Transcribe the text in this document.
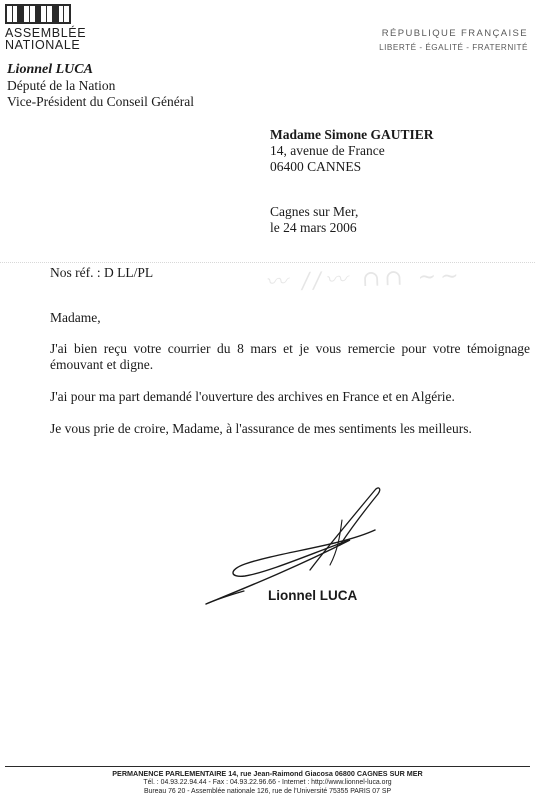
ASSEMBLÉE
NATIONALE
RÉPUBLIQUE FRANÇAISE
LIBERTÉ - ÉGALITÉ - FRATERNITÉ
Lionnel LUCA
Député de la Nation
Vice-Président du Conseil Général
Madame Simone GAUTIER
14, avenue de France
06400 CANNES
Cagnes sur Mer,
le 24 mars 2006
〰 ∕∕〰 ∩∩ ∼∼
Nos réf. : D LL/PL

Madame,

J'ai bien reçu votre courrier du 8 mars et je vous remercie pour votre témoignage émouvant et digne.

J'ai pour ma part demandé l'ouverture des archives en France et en Algérie.

Je vous prie de croire, Madame, à l'assurance de mes sentiments les meilleurs.

Lionnel LUCA
PERMANENCE PARLEMENTAIRE 14, rue Jean-Raimond Giacosa 06800 CAGNES SUR MER
Tél. : 04.93.22.94.44 - Fax : 04.93.22.96.66 - Internet : http://www.lionnel-luca.org
Bureau 76 20 - Assemblée nationale 126, rue de l'Université 75355 PARIS 07 SP
